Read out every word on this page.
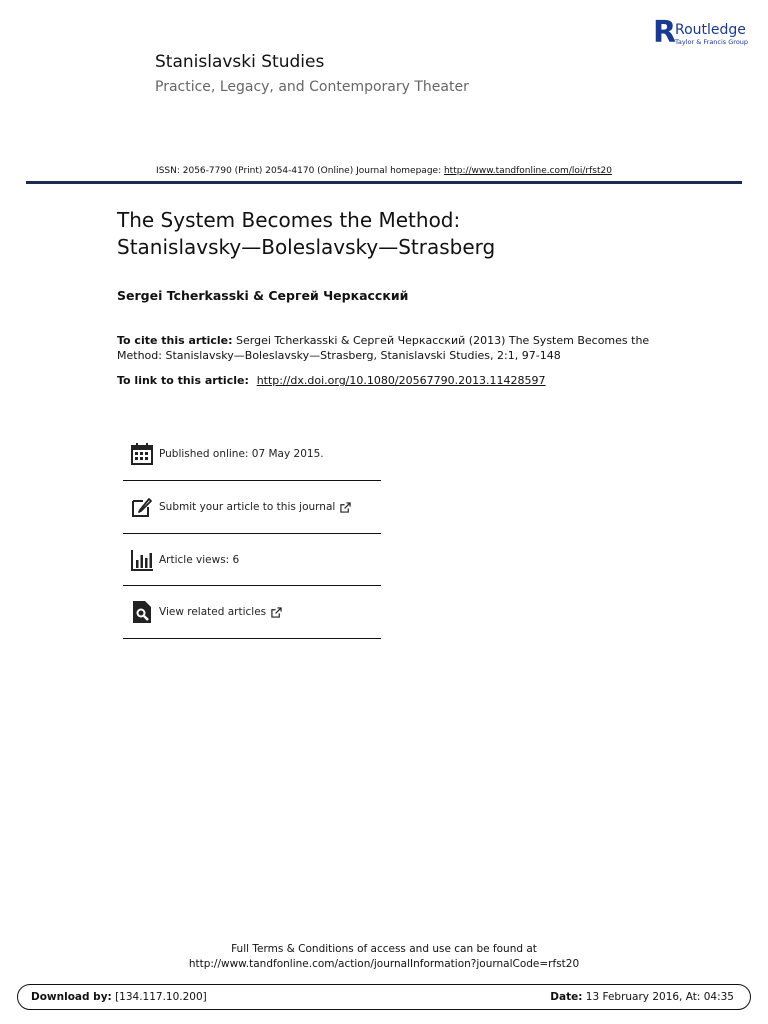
Stanislavski Studies
Practice, Legacy, and Contemporary Theater
R
Routledge
Taylor & Francis Group
ISSN: 2056-7790 (Print) 2054-4170 (Online) Journal homepage: http://www.tandfonline.com/loi/rfst20
The System Becomes the Method:
Stanislavsky—Boleslavsky—Strasberg
Sergei Tcherkasski & Сергей Черкасский
To cite this article: Sergei Tcherkasski & Сергей Черкасский (2013) The System Becomes the Method: Stanislavsky—Boleslavsky—Strasberg, Stanislavski Studies, 2:1, 97-148
To link to this article: http://dx.doi.org/10.1080/20567790.2013.11428597
Published online: 07 May 2015.
Submit your article to this journal
Article views: 6
View related articles
Full Terms & Conditions of access and use can be found at
http://www.tandfonline.com/action/journalInformation?journalCode=rfst20
Download by: [134.117.10.200]	Date: 13 February 2016, At: 04:35
